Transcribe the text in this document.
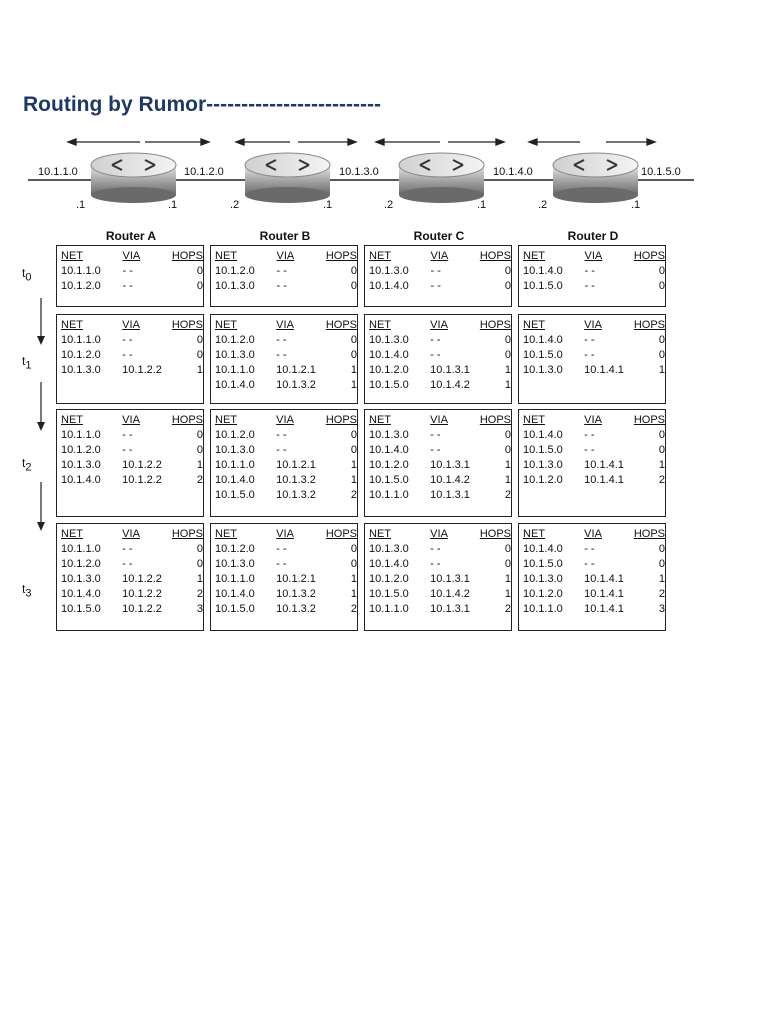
Routing by Rumor-------------------------
10.1.1.0	10.1.2.0	10.1.3.0	10.1.4.0	10.1.5.0
.1	.1	.2	.1	.2	.1	.2	.1
Router A	Router B	Router C	Router D
$t_0$
$t_1$
$t_2$
$t_3$
NET	VIA	HOPS
10.1.1.0	- -	0
10.1.2.0	- -	0
NET	VIA	HOPS
10.1.2.0	- -	0
10.1.3.0	- -	0
NET	VIA	HOPS
10.1.3.0	- -	0
10.1.4.0	- -	0
NET	VIA	HOPS
10.1.4.0	- -	0
10.1.5.0	- -	0
NET	VIA	HOPS
10.1.1.0	- -	0
10.1.2.0	- -	0
10.1.3.0	10.1.2.2	1
NET	VIA	HOPS
10.1.2.0	- -	0
10.1.3.0	- -	0
10.1.1.0	10.1.2.1	1
10.1.4.0	10.1.3.2	1
NET	VIA	HOPS
10.1.3.0	- -	0
10.1.4.0	- -	0
10.1.2.0	10.1.3.1	1
10.1.5.0	10.1.4.2	1
NET	VIA	HOPS
10.1.4.0	- -	0
10.1.5.0	- -	0
10.1.3.0	10.1.4.1	1
NET	VIA	HOPS
10.1.1.0	- -	0
10.1.2.0	- -	0
10.1.3.0	10.1.2.2	1
10.1.4.0	10.1.2.2	2
NET	VIA	HOPS
10.1.2.0	- -	0
10.1.3.0	- -	0
10.1.1.0	10.1.2.1	1
10.1.4.0	10.1.3.2	1
10.1.5.0	10.1.3.2	2
NET	VIA	HOPS
10.1.3.0	- -	0
10.1.4.0	- -	0
10.1.2.0	10.1.3.1	1
10.1.5.0	10.1.4.2	1
10.1.1.0	10.1.3.1	2
NET	VIA	HOPS
10.1.4.0	- -	0
10.1.5.0	- -	0
10.1.3.0	10.1.4.1	1
10.1.2.0	10.1.4.1	2
NET	VIA	HOPS
10.1.1.0	- -	0
10.1.2.0	- -	0
10.1.3.0	10.1.2.2	1
10.1.4.0	10.1.2.2	2
10.1.5.0	10.1.2.2	3
NET	VIA	HOPS
10.1.2.0	- -	0
10.1.3.0	- -	0
10.1.1.0	10.1.2.1	1
10.1.4.0	10.1.3.2	1
10.1.5.0	10.1.3.2	2
NET	VIA	HOPS
10.1.3.0	- -	0
10.1.4.0	- -	0
10.1.2.0	10.1.3.1	1
10.1.5.0	10.1.4.2	1
10.1.1.0	10.1.3.1	2
NET	VIA	HOPS
10.1.4.0	- -	0
10.1.5.0	- -	0
10.1.3.0	10.1.4.1	1
10.1.2.0	10.1.4.1	2
10.1.1.0	10.1.4.1	3
